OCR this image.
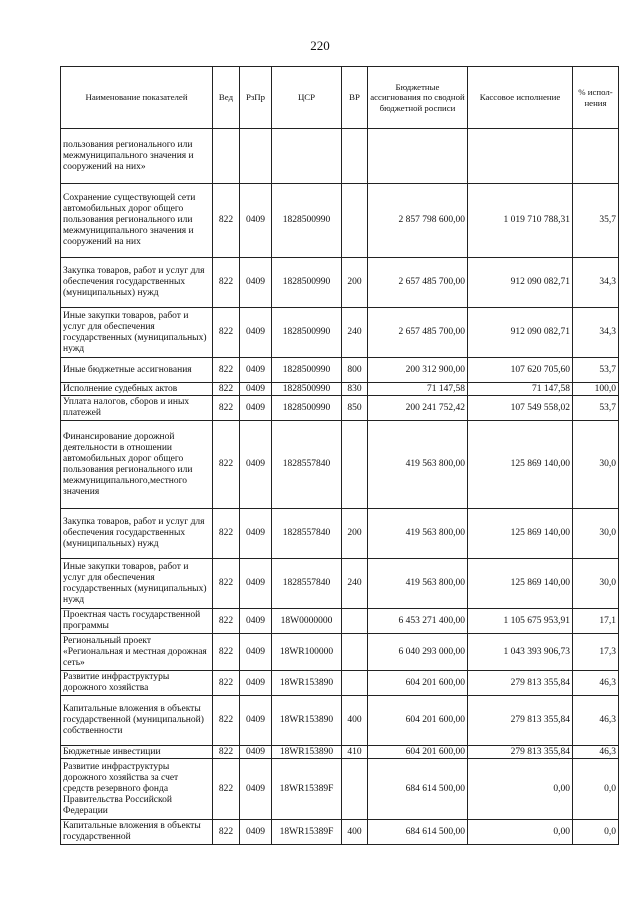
220
Наименование показателей	Вед	РзПр	ЦСР	ВР	Бюджетные ассигнования по сводной бюджетной росписи	Кассовое исполнение	% испол-нения
пользования регионального или межмуниципального значения и сооружений на них»							
Сохранение существующей сети автомобильных дорог общего пользования регионального или межмуниципального значения и сооружений на них	822	0409	1828500990		2 857 798 600,00	1 019 710 788,31	35,7
Закупка товаров, работ и услуг для обеспечения государственных (муниципальных) нужд	822	0409	1828500990	200	2 657 485 700,00	912 090 082,71	34,3
Иные закупки товаров, работ и услуг для обеспечения государственных (муниципальных) нужд	822	0409	1828500990	240	2 657 485 700,00	912 090 082,71	34,3
Иные бюджетные ассигнования	822	0409	1828500990	800	200 312 900,00	107 620 705,60	53,7
Исполнение судебных актов	822	0409	1828500990	830	71 147,58	71 147,58	100,0
Уплата налогов, сборов и иных платежей	822	0409	1828500990	850	200 241 752,42	107 549 558,02	53,7
Финансирование дорожной деятельности в отношении автомобильных дорог общего пользования регионального или межмуниципального,местного значения	822	0409	1828557840		419 563 800,00	125 869 140,00	30,0
Закупка товаров, работ и услуг для обеспечения государственных (муниципальных) нужд	822	0409	1828557840	200	419 563 800,00	125 869 140,00	30,0
Иные закупки товаров, работ и услуг для обеспечения государственных (муниципальных) нужд	822	0409	1828557840	240	419 563 800,00	125 869 140,00	30,0
Проектная часть государственной программы	822	0409	18W0000000		6 453 271 400,00	1 105 675 953,91	17,1
Региональный проект «Региональная и местная дорожная сеть»	822	0409	18WR100000		6 040 293 000,00	1 043 393 906,73	17,3
Развитие инфраструктуры дорожного хозяйства	822	0409	18WR153890		604 201 600,00	279 813 355,84	46,3
Капитальные вложения в объекты государственной (муниципальной) собственности	822	0409	18WR153890	400	604 201 600,00	279 813 355,84	46,3
Бюджетные инвестиции	822	0409	18WR153890	410	604 201 600,00	279 813 355,84	46,3
Развитие инфраструктуры дорожного хозяйства за счет средств резервного фонда Правительства Российской Федерации	822	0409	18WR15389F		684 614 500,00	0,00	0,0
Капитальные вложения в объекты государственной	822	0409	18WR15389F	400	684 614 500,00	0,00	0,0
